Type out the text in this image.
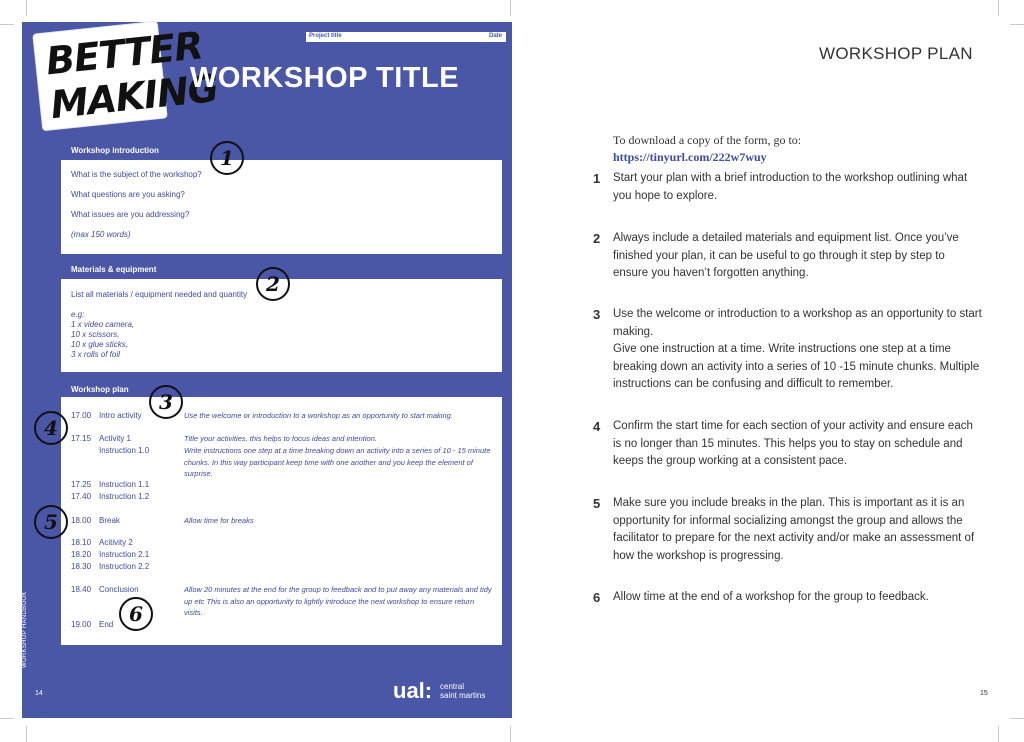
BETTER
MAKING
Project title	Date
WORKSHOP TITLE
Workshop introduction
What is the subject of the workshop?
What questions are you asking?
What issues are you addressing?
(max 150 words)
Materials & equipment
List all materials / equipment needed and quantity
e.g:
1 x video camera,
10 x scissors,
10 x glue sticks,
3 x rolls of foil
Workshop plan
17.00 Intro activity	Use the welcome or introduction to a workshop as an opportunity to start making.
17.15 Activity 1	Title your activities, this helps to focus ideas and intention.
Instruction 1.0	Write instructions one step at a time breaking down an activity into a series of 10 - 15 minute chunks. In this way participant keep time with one another and you keep the element of surprise.
17.25 Instruction 1.1
17.40 Instruction 1.2
18.00 Break	Allow time for breaks
18.10 Acitivity 2
18.20 Instruction 2.1
18.30 Instruction 2.2
18.40 Conclusion	Allow 20 minutes at the end for the group to feedback and to put away any materials and tidy up etc This is also an opportunity to lightly introduce the next workshop to ensure return visits.
19.00 End
1
2
3
4
5
6
WORKSHOP HANDBOOK
14	ual: central
saint martins
WORKSHOP PLAN
To download a copy of the form, go to:
https://tinyurl.com/222w7wuy
1 Start your plan with a brief introduction to the workshop outlining what you hope to explore.
2 Always include a detailed materials and equipment list. Once you’ve finished your plan, it can be useful to go through it step by step to ensure you haven’t forgotten anything.
3 Use the welcome or introduction to a workshop as an opportunity to start making.
Give one instruction at a time. Write instructions one step at a time breaking down an activity into a series of 10 -15 minute chunks. Multiple instructions can be confusing and difficult to remember.
4 Confirm the start time for each section of your activity and ensure each is no longer than 15 minutes. This helps you to stay on schedule and keeps the group working at a consistent pace.
5 Make sure you include breaks in the plan. This is important as it is an opportunity for informal socializing amongst the group and allows the facilitator to prepare for the next activity and/or make an assessment of how the workshop is progressing.
6 Allow time at the end of a workshop for the group to feedback.
15
